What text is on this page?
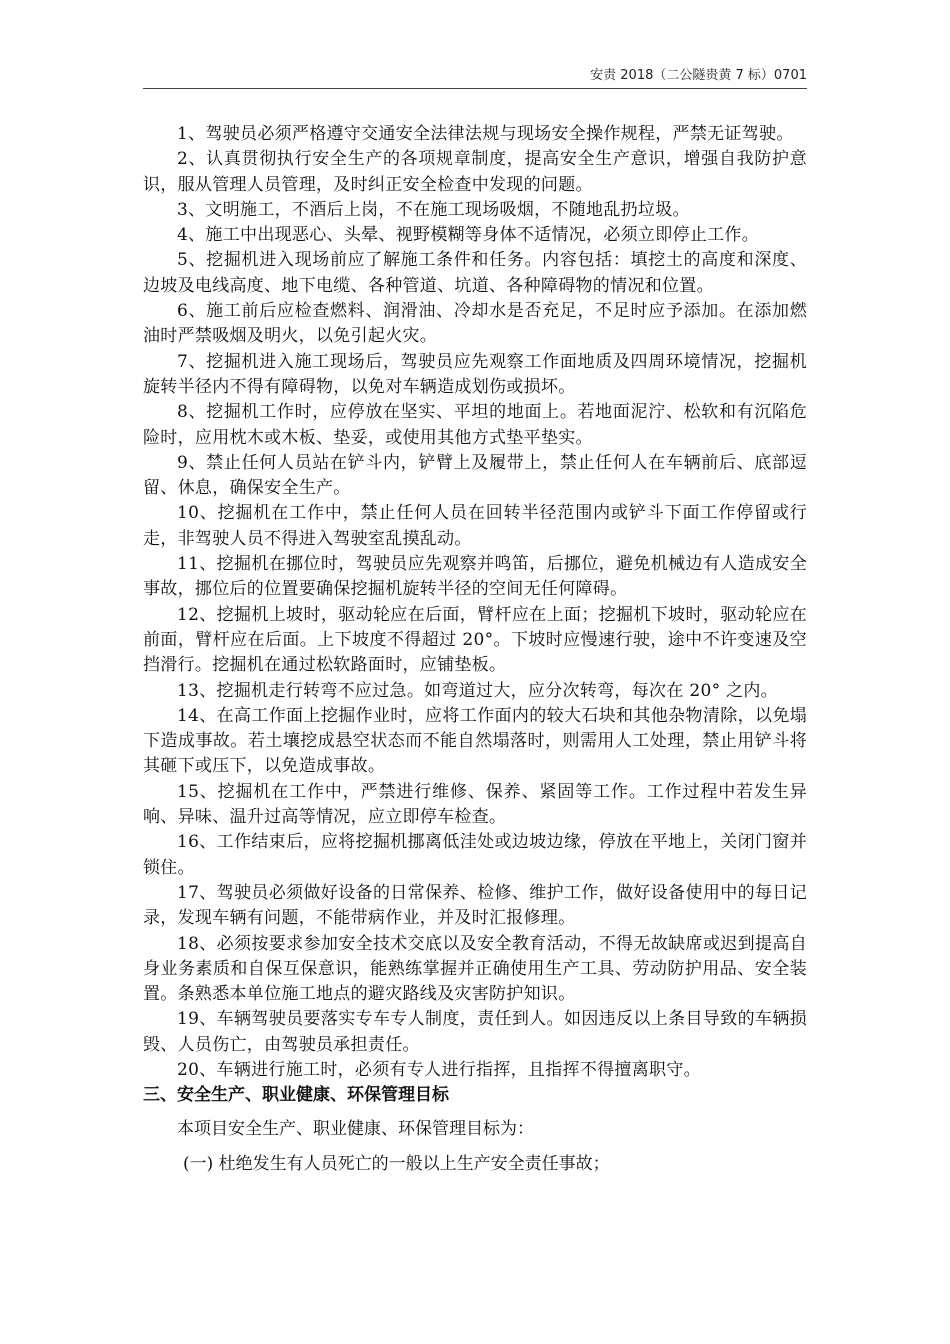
安责 2018（二公隧贵黄 7 标）0701

1、驾驶员必须严格遵守交通安全法律法规与现场安全操作规程，严禁无证驾驶。

2、认真贯彻执行安全生产的各项规章制度，提高安全生产意识，增强自我防护意识，服从管理人员管理，及时纠正安全检查中发现的问题。

3、文明施工，不酒后上岗，不在施工现场吸烟，不随地乱扔垃圾。

4、施工中出现恶心、头晕、视野模糊等身体不适情况，必须立即停止工作。

5、挖掘机进入现场前应了解施工条件和任务。内容包括：填挖土的高度和深度、边坡及电线高度、地下电缆、各种管道、坑道、各种障碍物的情况和位置。

6、施工前后应检查燃料、润滑油、冷却水是否充足，不足时应予添加。在添加燃油时严禁吸烟及明火，以免引起火灾。

7、挖掘机进入施工现场后，驾驶员应先观察工作面地质及四周环境情况，挖掘机旋转半径内不得有障碍物，以免对车辆造成划伤或损坏。

8、挖掘机工作时，应停放在坚实、平坦的地面上。若地面泥泞、松软和有沉陷危险时，应用枕木或木板、垫妥，或使用其他方式垫平垫实。

9、禁止任何人员站在铲斗内，铲臂上及履带上，禁止任何人在车辆前后、底部逗留、休息，确保安全生产。

10、挖掘机在工作中，禁止任何人员在回转半径范围内或铲斗下面工作停留或行走，非驾驶人员不得进入驾驶室乱摸乱动。

11、挖掘机在挪位时，驾驶员应先观察并鸣笛，后挪位，避免机械边有人造成安全事故，挪位后的位置要确保挖掘机旋转半径的空间无任何障碍。

12、挖掘机上坡时，驱动轮应在后面，臂杆应在上面；挖掘机下坡时，驱动轮应在前面，臂杆应在后面。上下坡度不得超过 20°。下坡时应慢速行驶，途中不许变速及空挡滑行。挖掘机在通过松软路面时，应铺垫板。

13、挖掘机走行转弯不应过急。如弯道过大，应分次转弯，每次在 20° 之内。

14、在高工作面上挖掘作业时，应将工作面内的较大石块和其他杂物清除，以免塌下造成事故。若土壤挖成悬空状态而不能自然塌落时，则需用人工处理，禁止用铲斗将其砸下或压下，以免造成事故。

15、挖掘机在工作中，严禁进行维修、保养、紧固等工作。工作过程中若发生异响、异味、温升过高等情况，应立即停车检查。

16、工作结束后，应将挖掘机挪离低洼处或边坡边缘，停放在平地上，关闭门窗并锁住。

17、驾驶员必须做好设备的日常保养、检修、维护工作，做好设备使用中的每日记录，发现车辆有问题，不能带病作业，并及时汇报修理。

18、必须按要求参加安全技术交底以及安全教育活动，不得无故缺席或迟到提高自身业务素质和自保互保意识，能熟练掌握并正确使用生产工具、劳动防护用品、安全装置。条熟悉本单位施工地点的避灾路线及灾害防护知识。

19、车辆驾驶员要落实专车专人制度，责任到人。如因违反以上条目导致的车辆损毁、人员伤亡，由驾驶员承担责任。

20、车辆进行施工时，必须有专人进行指挥，且指挥不得擅离职守。

三、安全生产、职业健康、环保管理目标

本项目安全生产、职业健康、环保管理目标为：

(一) 杜绝发生有人员死亡的一般以上生产安全责任事故；
